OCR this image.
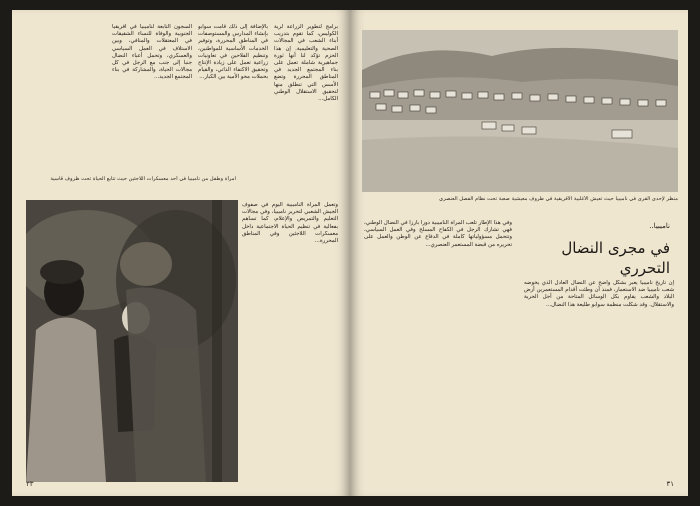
برامج لتطوير الزراعة لرية الكوليس، كما تقوم بتدريب أبناء الشعب في المجالات الصحية والتعليمية. إن هذا الحزم تؤكد لنا أنها ثورة جماهيرية شاملة تعمل على بناء المجتمع الجديد في المناطق المحررة وتضع الأسس التي تنطلق منها لتحقيق الاستقلال الوطني الكامل...
بالإضافة إلى ذلك قامت سوابو بإنشاء المدارس والمستوصفات في المناطق المحررة، وتوفير الخدمات الأساسية للمواطنين، وتنظيم الفلاحين في تعاونيات زراعية تعمل على زيادة الإنتاج وتحقيق الاكتفاء الذاتي، والقيام بحملات محو الأمية بين الكبار...
السجون التابعة لناميبيا في أفريقيا الجنوبية والوفاة للنساء الشقيقات في المعتقلات والمنافي، وبين الاستلاف في العمل السياسي والعسكري، وتحمل أعباء النضال جنبا إلى جنب مع الرجل في كل مجالات الحياة، والمشاركة في بناء المجتمع الجديد...
امرأة وطفل من ناميبيا في أحد معسكرات اللاجئين حيث تتابع الحياة تحت ظروف قاسية
وتعمل المرأة الناميبية اليوم في صفوف الجيش الشعبي لتحرير ناميبيا، وفي مجالات التعليم والتمريض والإعلام، كما تساهم بفعالية في تنظيم الحياة الاجتماعية داخل معسكرات اللاجئين وفي المناطق المحررة...
٣٣
منظر لإحدى القرى في ناميبيا حيث تعيش الأغلبية الأفريقية في ظروف معيشية صعبة تحت نظام الفصل العنصري
ناميبيا..
في مجرى النضال التحرري
إن تاريخ ناميبيا يعبر بشكل واضح عن النضال العادل الذي يخوضه شعب ناميبيا ضد الاستعمار، فمنذ أن وطئت أقدام المستعمرين أرض البلاد والشعب يقاوم بكل الوسائل المتاحة من أجل الحرية والاستقلال. وقد شكلت منظمة سوابو طليعة هذا النضال...
وفي هذا الإطار تلعب المرأة الناميبية دورا بارزا في النضال الوطني، فهي تشارك الرجل في الكفاح المسلح وفي العمل السياسي، وتتحمل مسؤولياتها كاملة في الدفاع عن الوطن والعمل على تحريره من قبضة المستعمر العنصري...
٣١
